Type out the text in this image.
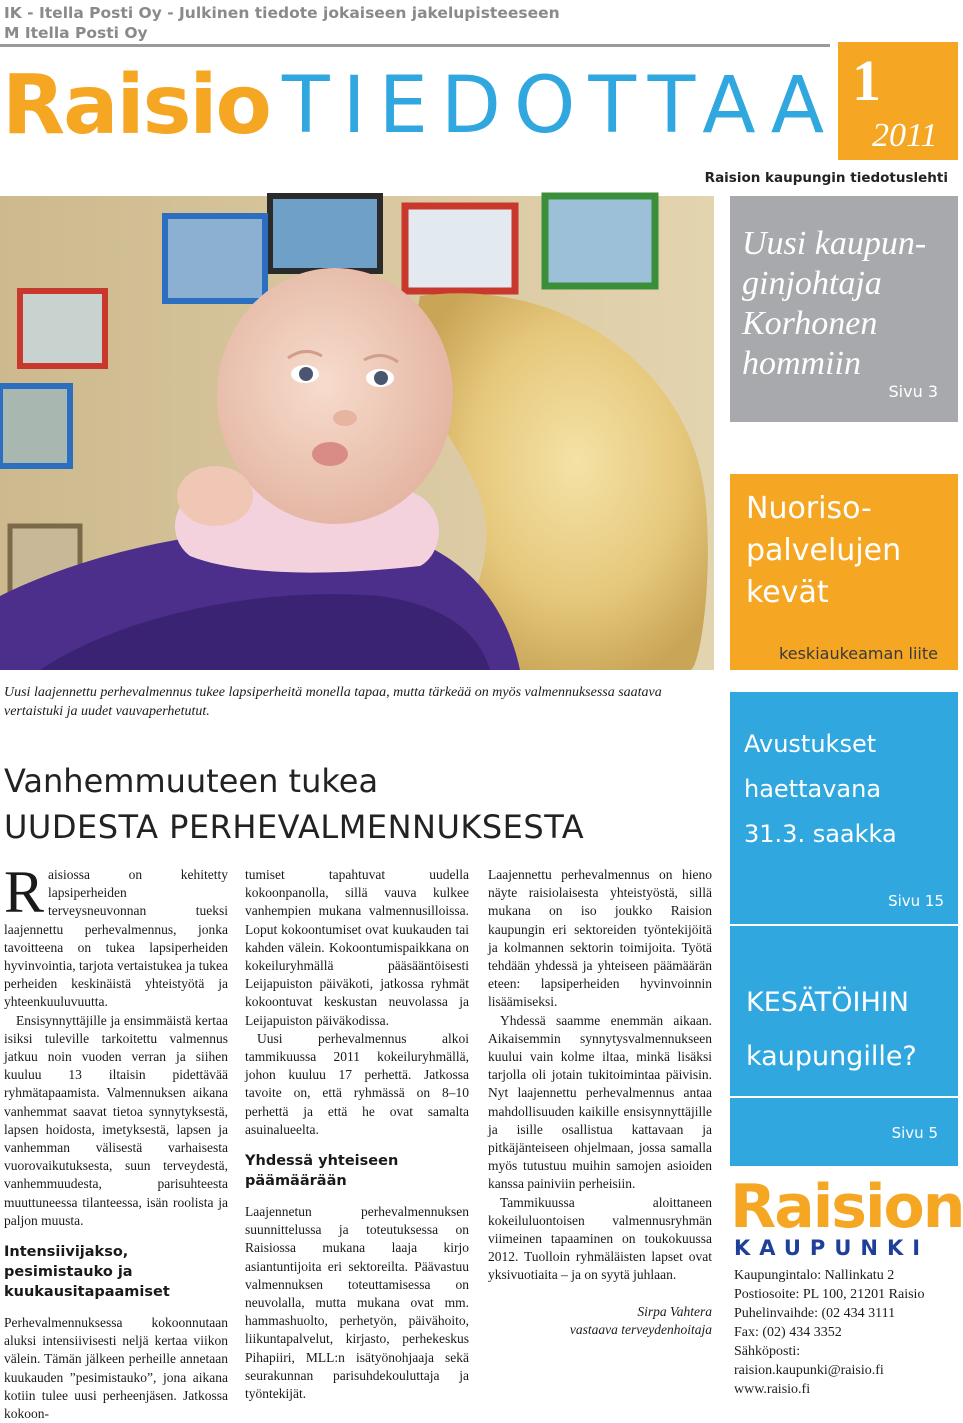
IK - Itella Posti Oy - Julkinen tiedote jokaiseen jakelupisteeseen
M Itella Posti Oy
Raisio TIEDOTTAA 1
2011
Raision kaupungin tiedotuslehti
Uusi kaupun-
ginjohtaja
Korhonen
hommiin
Sivu 3
Nuoriso-
palvelujen
kevät
keskiaukeaman liite
Avustukset
haettavana
31.3. saakka
Sivu 15
KESÄTÖIHIN
kaupungille?
Sivu 5
Raision
KAUPUNKI
Kaupungintalo: Nallinkatu 2
Postiosoite: PL 100, 21201 Raisio
Puhelinvaihde: (02 434 3111
Fax: (02) 434 3352
Sähköposti:
raision.kaupunki@raisio.fi
www.raisio.fi
Uusi laajennettu perhevalmennus tukee lapsiperheitä monella tapaa, mutta tärkeää on myös valmennuksessa saatava vertaistuki ja uudet vauvaperhetutut.
Vanhemmuuteen tukea
UUDESTA PERHEVALMENNUKSESTA

Raisiossa on kehitetty lapsiperheiden terveysneuvonnan tueksi laajennettu perhevalmennus, jonka tavoitteena on tukea lapsiperheiden hyvinvointia, tarjota vertaistukea ja tukea perheiden keskinäistä yhteistyötä ja yhteenkuuluvuutta.

Ensisynnyttäjille ja ensimmäistä kertaa isiksi tuleville tarkoitettu valmennus jatkuu noin vuoden verran ja siihen kuuluu 13 iltaisin pidettävää ryhmätapaamista. Valmennuksen aikana vanhemmat saavat tietoa synnytyksestä, lapsen hoidosta, imetyksestä, lapsen ja vanhemman välisestä varhaisesta vuorovaikutuksesta, suun terveydestä, vanhemmuudesta, parisuhteesta muuttuneessa tilanteessa, isän roolista ja paljon muusta.

Intensiivijakso, pesimistauko ja kuukausitapaamiset

Perhevalmennuksessa kokoonnutaan aluksi intensiivisesti neljä kertaa viikon välein. Tämän jälkeen perheille annetaan kuukauden ”pesimistauko”, jona aikana kotiin tulee uusi perheenjäsen. Jatkossa kokoon-

tumiset tapahtuvat uudella kokoonpanolla, sillä vauva kulkee vanhempien mukana valmennusilloissa. Loput kokoontumiset ovat kuukauden tai kahden välein. Kokoontumispaikkana on kokeiluryhmällä pääsääntöisesti Leijapuiston päiväkoti, jatkossa ryhmät kokoontuvat keskustan neuvolassa ja Leijapuiston päiväkodissa.

Uusi perhevalmennus alkoi tammikuussa 2011 kokeiluryhmällä, johon kuuluu 17 perhettä. Jatkossa tavoite on, että ryhmässä on 8–10 perhettä ja että he ovat samalta asuinalueelta.

Yhdessä yhteiseen päämäärään

Laajennetun perhevalmennuksen suunnittelussa ja toteutuksessa on Raisiossa mukana laaja kirjo asiantuntijoita eri sektoreilta. Päävastuu valmennuksen toteuttamisessa on neuvolalla, mutta mukana ovat mm. hammashuolto, perhetyön, päivähoito, liikuntapalvelut, kirjasto, perhekeskus Pihapiiri, MLL:n isätyönohjaaja sekä seurakunnan parisuhdekouluttaja ja työntekijät.

Laajennettu perhevalmennus on hieno näyte raisiolaisesta yhteistyöstä, sillä mukana on iso joukko Raision kaupungin eri sektoreiden työntekijöitä ja kolmannen sektorin toimijoita. Työtä tehdään yhdessä ja yhteiseen päämäärän eteen: lapsiperheiden hyvinvoinnin lisäämiseksi.

Yhdessä saamme enemmän aikaan. Aikaisemmin synnytysvalmennukseen kuului vain kolme iltaa, minkä lisäksi tarjolla oli jotain tukitoimintaa päivisin. Nyt laajennettu perhevalmennus antaa mahdollisuuden kaikille ensisynnyttäjille ja isille osallistua kattavaan ja pitkäjänteiseen ohjelmaan, jossa samalla myös tutustuu muihin samojen asioiden kanssa painiviin perheisiin.

Tammikuussa aloittaneen kokeiluluontoisen valmennusryhmän viimeinen tapaaminen on toukokuussa 2012. Tuolloin ryhmäläisten lapset ovat yksivuotiaita – ja on syytä juhlaan.

Sirpa Vahtera
vastaava terveydenhoitaja
